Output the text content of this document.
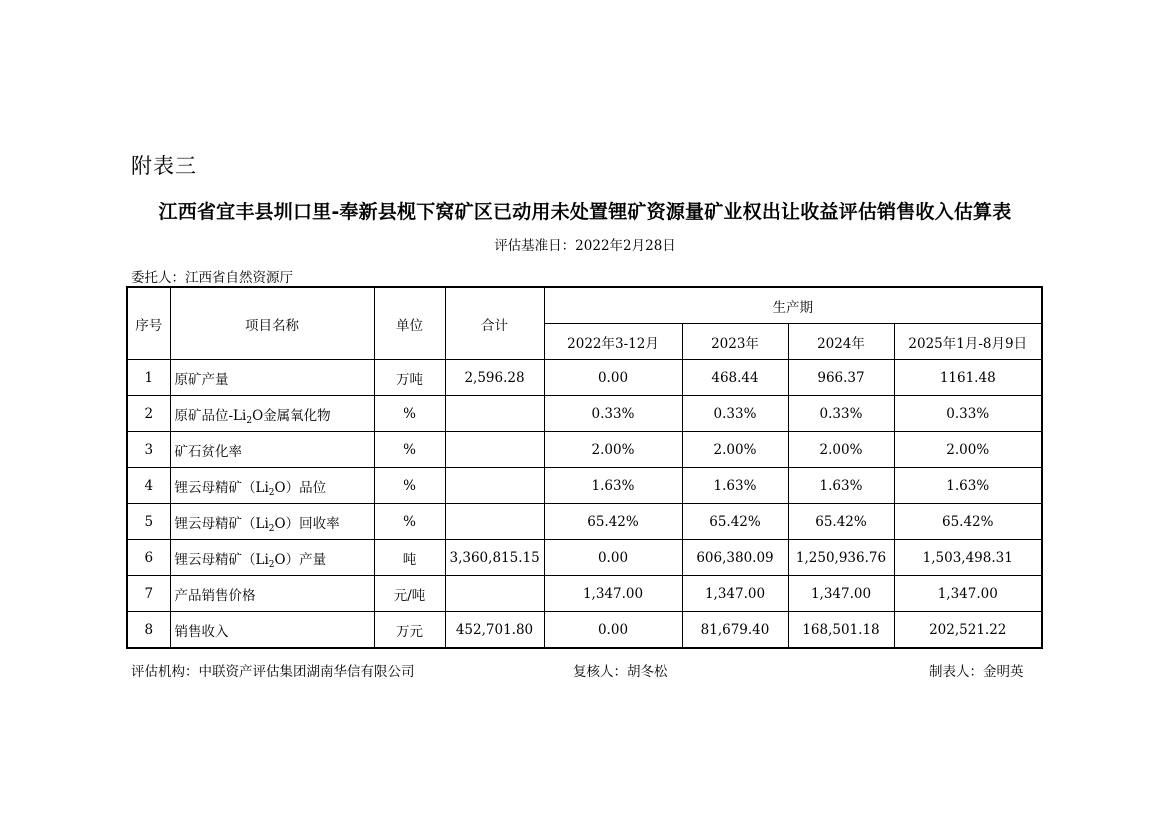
附表三
江西省宜丰县圳口里-奉新县枧下窝矿区已动用未处置锂矿资源量矿业权出让收益评估销售收入估算表
评估基准日：2022年2月28日
委托人：江西省自然资源厅
序号	项目名称	单位	合计	生产期			
				2022年3-12月	2023年	2024年	2025年1月-8月9日
1	原矿产量	万吨	2,596.28	0.00	468.44	966.37	1161.48
2	原矿品位$-Li_2O$金属氧化物	%		0.33%	0.33%	0.33%	0.33%
3	矿石贫化率	%		2.00%	2.00%	2.00%	2.00%
4	锂云母精矿$(Li_2O)$品位	%		1.63%	1.63%	1.63%	1.63%
5	锂云母精矿$(Li_2O)$回收率	%		65.42%	65.42%	65.42%	65.42%
6	锂云母精矿$(Li_2O)$产量	吨	3,360,815.15	0.00	606,380.09	1,250,936.76	1,503,498.31
7	产品销售价格	元/吨		1,347.00	1,347.00	1,347.00	1,347.00
8	销售收入	万元	452,701.80	0.00	81,679.40	168,501.18	202,521.22
评估机构：中联资产评估集团湖南华信有限公司	复核人：胡冬松	制表人：金明英
